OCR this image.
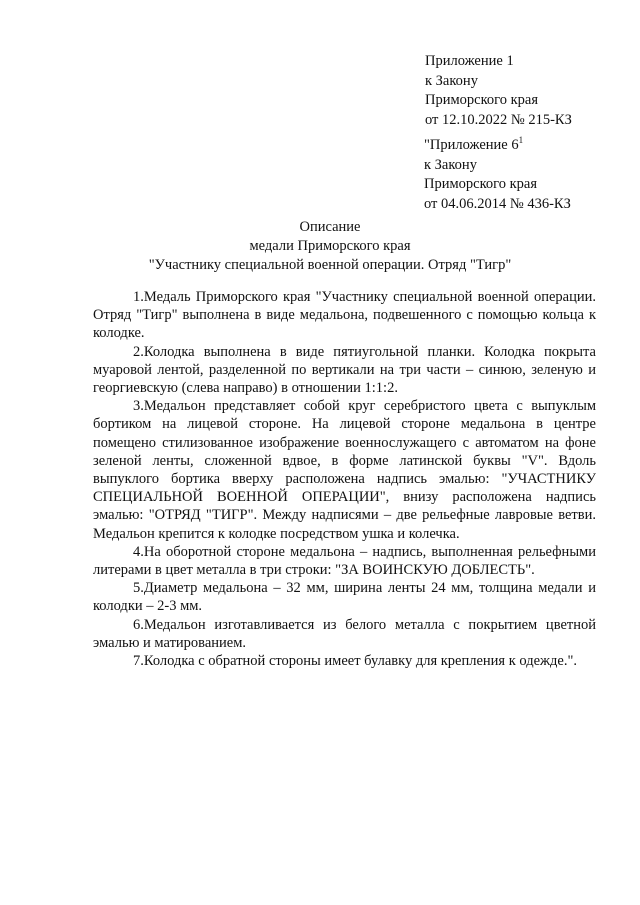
Приложение 1
к Закону
Приморского края
от 12.10.2022 № 215-КЗ
"Приложение $6^1$
к Закону
Приморского края
от 04.06.2014 № 436-КЗ
Описание
медали Приморского края
"Участнику специальной военной операции. Отряд "Тигр"

1.Медаль Приморского края "Участнику специальной военной операции. Отряд "Тигр" выполнена в виде медальона, подвешенного с помощью кольца к колодке.

2.Колодка выполнена в виде пятиугольной планки. Колодка покрыта муаровой лентой, разделенной по вертикали на три части – синюю, зеленую и георгиевскую (слева направо) в отношении 1:1:2.

3.Медальон представляет собой круг серебристого цвета с выпуклым бортиком на лицевой стороне. На лицевой стороне медальона в центре помещено стилизованное изображение военнослужащего с автоматом на фоне зеленой ленты, сложенной вдвое, в форме латинской буквы "V". Вдоль выпуклого бортика вверху расположена надпись эмалью: "УЧАСТНИКУ СПЕЦИАЛЬНОЙ ВОЕННОЙ ОПЕРАЦИИ", внизу расположена надпись эмалью: "ОТРЯД "ТИГР". Между надписями – две рельефные лавровые ветви. Медальон крепится к колодке посредством ушка и колечка.

4.На оборотной стороне медальона – надпись, выполненная рельефными литерами в цвет металла в три строки: "ЗА ВОИНСКУЮ ДОБЛЕСТЬ".

5.Диаметр медальона – 32 мм, ширина ленты 24 мм, толщина медали и колодки – 2-3 мм.

6.Медальон изготавливается из белого металла с покрытием цветной эмалью и матированием.

7.Колодка с обратной стороны имеет булавку для крепления к одежде.".
